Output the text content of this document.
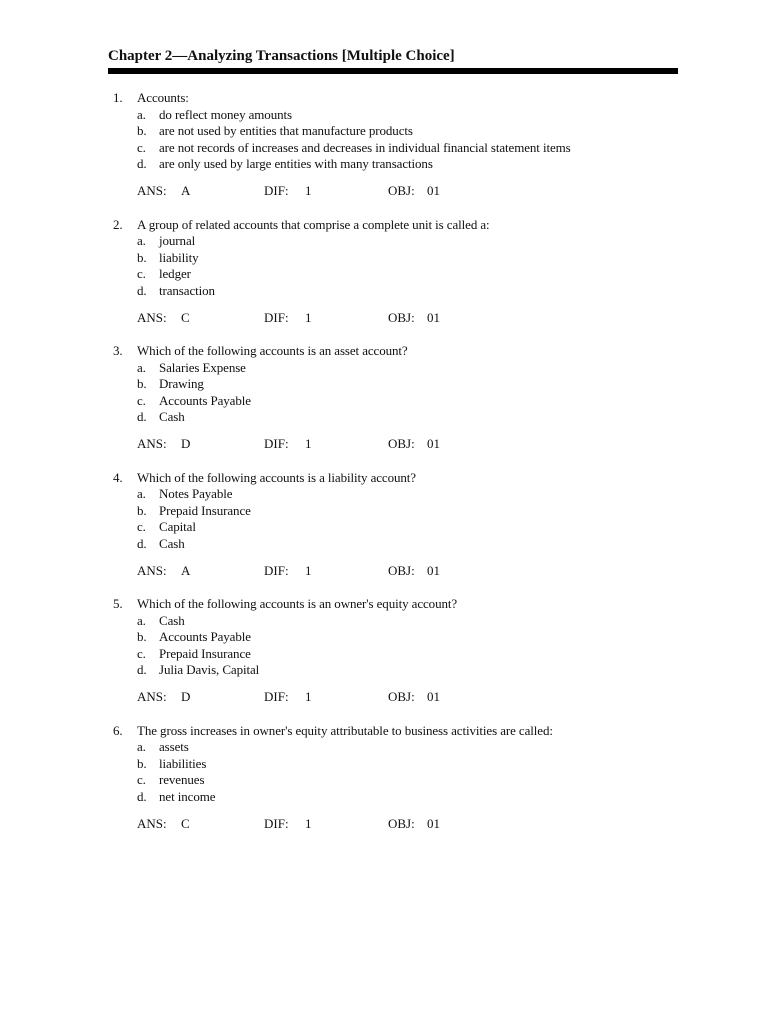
Chapter 2—Analyzing Transactions [Multiple Choice]
1. Accounts:
a. do reflect money amounts
b. are not used by entities that manufacture products
c. are not records of increases and decreases in individual financial statement items
d. are only used by large entities with many transactions
ANS: A	DIF: 1	OBJ: 01
2. A group of related accounts that comprise a complete unit is called a:
a. journal
b. liability
c. ledger
d. transaction
ANS: C	DIF: 1	OBJ: 01
3. Which of the following accounts is an asset account?
a. Salaries Expense
b. Drawing
c. Accounts Payable
d. Cash
ANS: D	DIF: 1	OBJ: 01
4. Which of the following accounts is a liability account?
a. Notes Payable
b. Prepaid Insurance
c. Capital
d. Cash
ANS: A	DIF: 1	OBJ: 01
5. Which of the following accounts is an owner's equity account?
a. Cash
b. Accounts Payable
c. Prepaid Insurance
d. Julia Davis, Capital
ANS: D	DIF: 1	OBJ: 01
6. The gross increases in owner's equity attributable to business activities are called:
a. assets
b. liabilities
c. revenues
d. net income
ANS: C	DIF: 1	OBJ: 01
